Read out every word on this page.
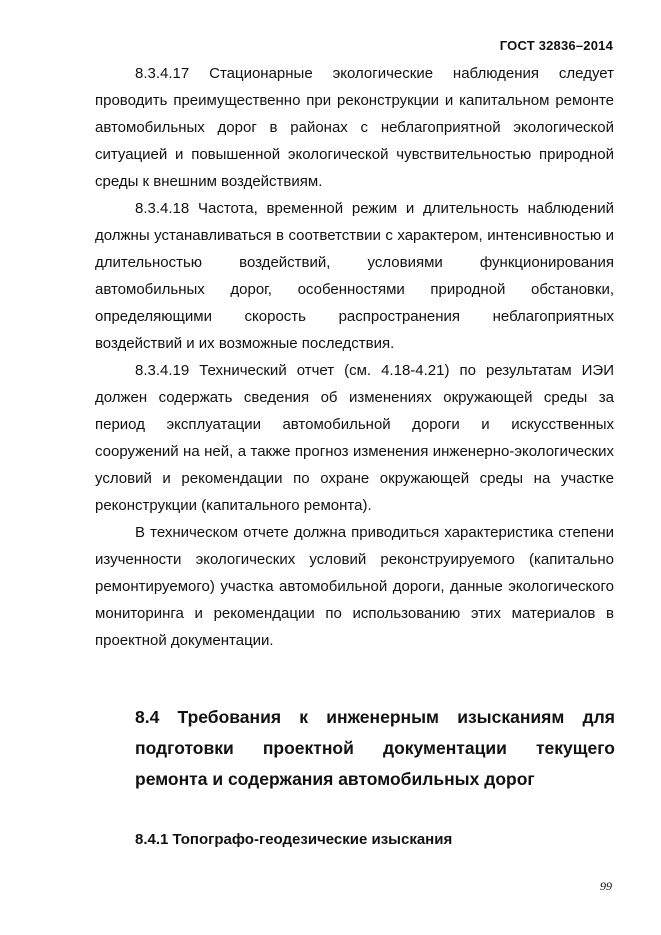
ГОСТ 32836–2014

8.3.4.17 Стационарные экологические наблюдения следует проводить преимущественно при реконструкции и капитальном ремонте автомобильных дорог в районах с неблагоприятной экологической ситуацией и повышенной экологической чувствительностью природной среды к внешним воздействиям.

8.3.4.18 Частота, временной режим и длительность наблюдений должны устанавливаться в соответствии с характером, интенсивностью и длительностью воздействий, условиями функционирования автомобильных дорог, особенностями природной обстановки, определяющими скорость распространения неблагоприятных воздействий и их возможные последствия.

8.3.4.19 Технический отчет (см. 4.18-4.21) по результатам ИЭИ должен содержать сведения об изменениях окружающей среды за период эксплуатации автомобильной дороги и искусственных сооружений на ней, а также прогноз изменения инженерно-экологических условий и рекомендации по охране окружающей среды на участке реконструкции (капитального ремонта).

В техническом отчете должна приводиться характеристика степени изученности экологических условий реконструируемого (капитально ремонтируемого) участка автомобильной дороги, данные экологического мониторинга и рекомендации по использованию этих материалов в проектной документации.

8.4 Требования к инженерным изысканиям для подготовки проектной документации текущего ремонта и содержания автомобильных дорог
8.4.1 Топографо-геодезические изыскания
99
